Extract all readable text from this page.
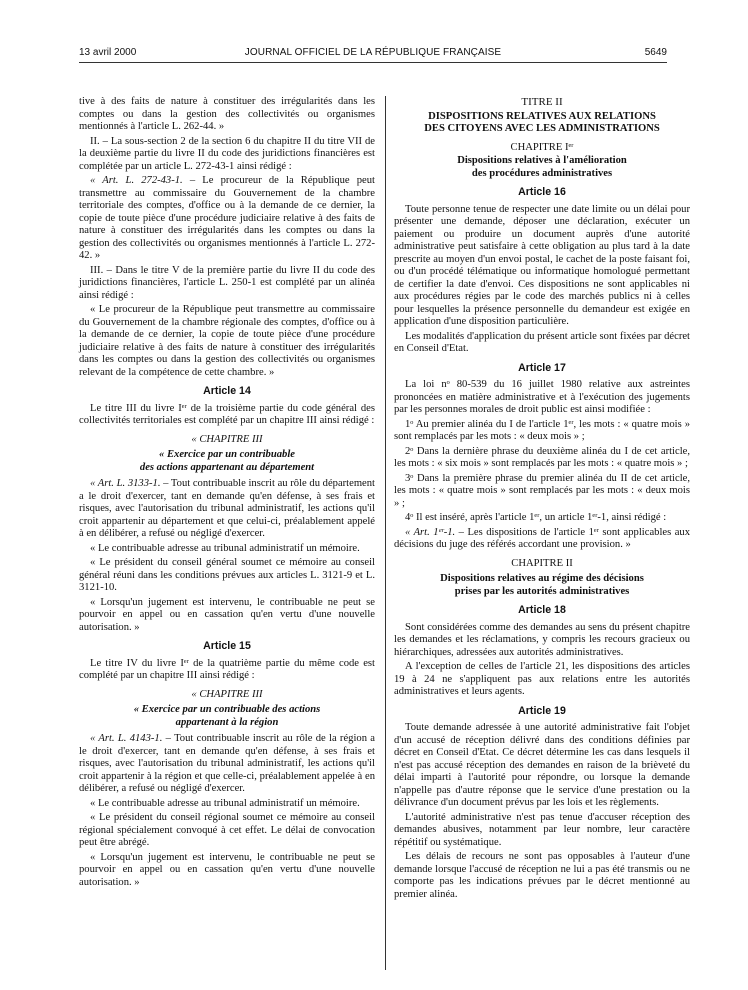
13 avril 2000	JOURNAL OFFICIEL DE LA RÉPUBLIQUE FRANÇAISE	5649

tive à des faits de nature à constituer des irrégularités dans les comptes ou dans la gestion des collectivités ou organismes mentionnés à l'article L. 262-44. »

II. – La sous-section 2 de la section 6 du chapitre II du titre VII de la deuxième partie du livre II du code des juridictions financières est complétée par un article L. 272-43-1 ainsi rédigé :

« Art. L. 272-43-1. – Le procureur de la République peut transmettre au commissaire du Gouvernement de la chambre territoriale des comptes, d'office ou à la demande de ce dernier, la copie de toute pièce d'une procédure judiciaire relative à des faits de nature à constituer des irrégularités dans les comptes ou dans la gestion des collectivités ou organismes mentionnés à l'article L. 272-42. »

III. – Dans le titre V de la première partie du livre II du code des juridictions financières, l'article L. 250-1 est complété par un alinéa ainsi rédigé :

« Le procureur de la République peut transmettre au commissaire du Gouvernement de la chambre régionale des comptes, d'office ou à la demande de ce dernier, la copie de toute pièce d'une procédure judiciaire relative à des faits de nature à constituer des irrégularités dans les comptes ou dans la gestion des collectivités ou organismes relevant de la compétence de cette chambre. »

Article 14

Le titre III du livre Iᵉʳ de la troisième partie du code général des collectivités territoriales est complété par un chapitre III ainsi rédigé :

« CHAPITRE III
« Exercice par un contribuable
des actions appartenant au département

« Art. L. 3133-1. – Tout contribuable inscrit au rôle du département a le droit d'exercer, tant en demande qu'en défense, à ses frais et risques, avec l'autorisation du tribunal administratif, les actions qu'il croit appartenir au département et que celui-ci, préalablement appelé à en délibérer, a refusé ou négligé d'exercer.

« Le contribuable adresse au tribunal administratif un mémoire.

« Le président du conseil général soumet ce mémoire au conseil général réuni dans les conditions prévues aux articles L. 3121-9 et L. 3121-10.

« Lorsqu'un jugement est intervenu, le contribuable ne peut se pourvoir en appel ou en cassation qu'en vertu d'une nouvelle autorisation. »

Article 15

Le titre IV du livre Iᵉʳ de la quatrième partie du même code est complété par un chapitre III ainsi rédigé :

« CHAPITRE III
« Exercice par un contribuable des actions
appartenant à la région

« Art. L. 4143-1. – Tout contribuable inscrit au rôle de la région a le droit d'exercer, tant en demande qu'en défense, à ses frais et risques, avec l'autorisation du tribunal administratif, les actions qu'il croit appartenir à la région et que celle-ci, préalablement appelée à en délibérer, a refusé ou négligé d'exercer.

« Le contribuable adresse au tribunal administratif un mémoire.

« Le président du conseil régional soumet ce mémoire au conseil régional spécialement convoqué à cet effet. Le délai de convocation peut être abrégé.

« Lorsqu'un jugement est intervenu, le contribuable ne peut se pourvoir en appel ou en cassation qu'en vertu d'une nouvelle autorisation. »

TITRE II
DISPOSITIONS RELATIVES AUX RELATIONS
DES CITOYENS AVEC LES ADMINISTRATIONS
CHAPITRE Iᵉʳ
Dispositions relatives à l'amélioration
des procédures administratives
Article 16

Toute personne tenue de respecter une date limite ou un délai pour présenter une demande, déposer une déclaration, exécuter un paiement ou produire un document auprès d'une autorité administrative peut satisfaire à cette obligation au plus tard à la date prescrite au moyen d'un envoi postal, le cachet de la poste faisant foi, ou d'un procédé télématique ou informatique homologué permettant de certifier la date d'envoi. Ces dispositions ne sont applicables ni aux procédures régies par le code des marchés publics ni à celles pour lesquelles la présence personnelle du demandeur est exigée en application d'une disposition particulière.

Les modalités d'application du présent article sont fixées par décret en Conseil d'Etat.

Article 17

La loi nᵒ 80-539 du 16 juillet 1980 relative aux astreintes prononcées en matière administrative et à l'exécution des jugements par les personnes morales de droit public est ainsi modifiée :

1ᵒ Au premier alinéa du I de l'article 1ᵉʳ, les mots : « quatre mois » sont remplacés par les mots : « deux mois » ;

2ᵒ Dans la dernière phrase du deuxième alinéa du I de cet article, les mots : « six mois » sont remplacés par les mots : « quatre mois » ;

3ᵒ Dans la première phrase du premier alinéa du II de cet article, les mots : « quatre mois » sont remplacés par les mots : « deux mois » ;

4ᵒ Il est inséré, après l'article 1ᵉʳ, un article 1ᵉʳ-1, ainsi rédigé :

« Art. 1ᵉʳ-1. – Les dispositions de l'article 1ᵉʳ sont applicables aux décisions du juge des référés accordant une provision. »

CHAPITRE II
Dispositions relatives au régime des décisions
prises par les autorités administratives
Article 18

Sont considérées comme des demandes au sens du présent chapitre les demandes et les réclamations, y compris les recours gracieux ou hiérarchiques, adressées aux autorités administratives.

A l'exception de celles de l'article 21, les dispositions des articles 19 à 24 ne s'appliquent pas aux relations entre les autorités administratives et leurs agents.

Article 19

Toute demande adressée à une autorité administrative fait l'objet d'un accusé de réception délivré dans des conditions définies par décret en Conseil d'Etat. Ce décret détermine les cas dans lesquels il n'est pas accusé réception des demandes en raison de la brièveté du délai imparti à l'autorité pour répondre, ou lorsque la demande n'appelle pas d'autre réponse que le service d'une prestation ou la délivrance d'un document prévus par les lois et les règlements.

L'autorité administrative n'est pas tenue d'accuser réception des demandes abusives, notamment par leur nombre, leur caractère répétitif ou systématique.

Les délais de recours ne sont pas opposables à l'auteur d'une demande lorsque l'accusé de réception ne lui a pas été transmis ou ne comporte pas les indications prévues par le décret mentionné au premier alinéa.
